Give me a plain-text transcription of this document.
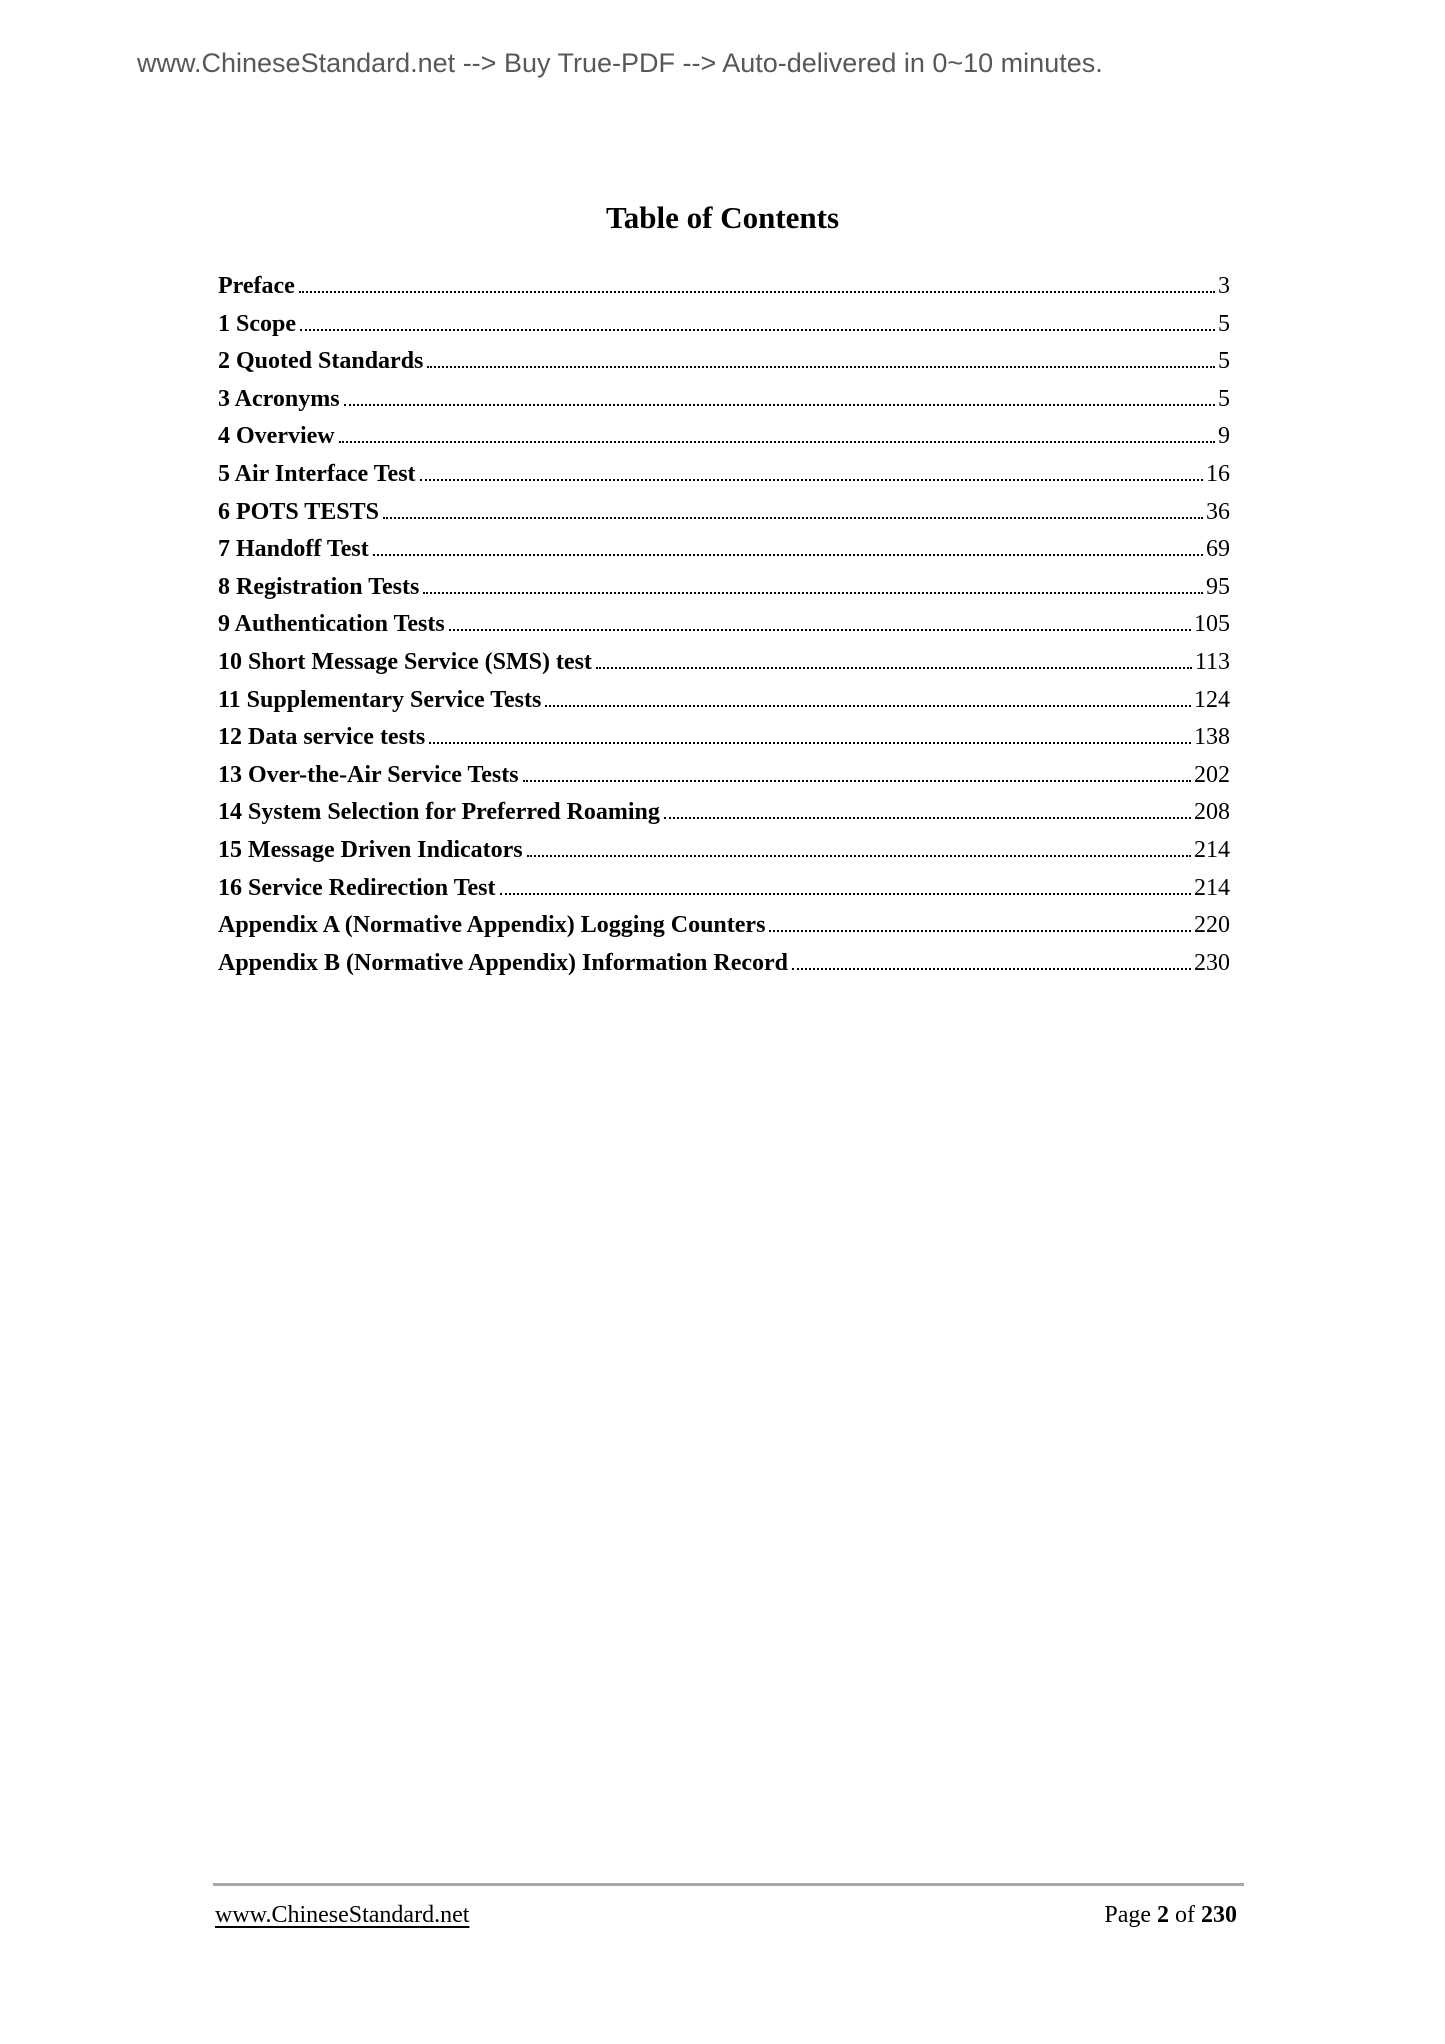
www.ChineseStandard.net --> Buy True-PDF --> Auto-delivered in 0~10 minutes.
Table of Contents
Preface	3
1 Scope	5
2 Quoted Standards	5
3 Acronyms	5
4 Overview	9
5 Air Interface Test	16
6 POTS TESTS	36
7 Handoff Test	69
8 Registration Tests	95
9 Authentication Tests	105
10 Short Message Service (SMS) test	113
11 Supplementary Service Tests	124
12 Data service tests	138
13 Over-the-Air Service Tests	202
14 System Selection for Preferred Roaming	208
15 Message Driven Indicators	214
16 Service Redirection Test	214
Appendix A (Normative Appendix) Logging Counters	220
Appendix B (Normative Appendix) Information Record	230
www.ChineseStandard.net	Page 2 of 230
